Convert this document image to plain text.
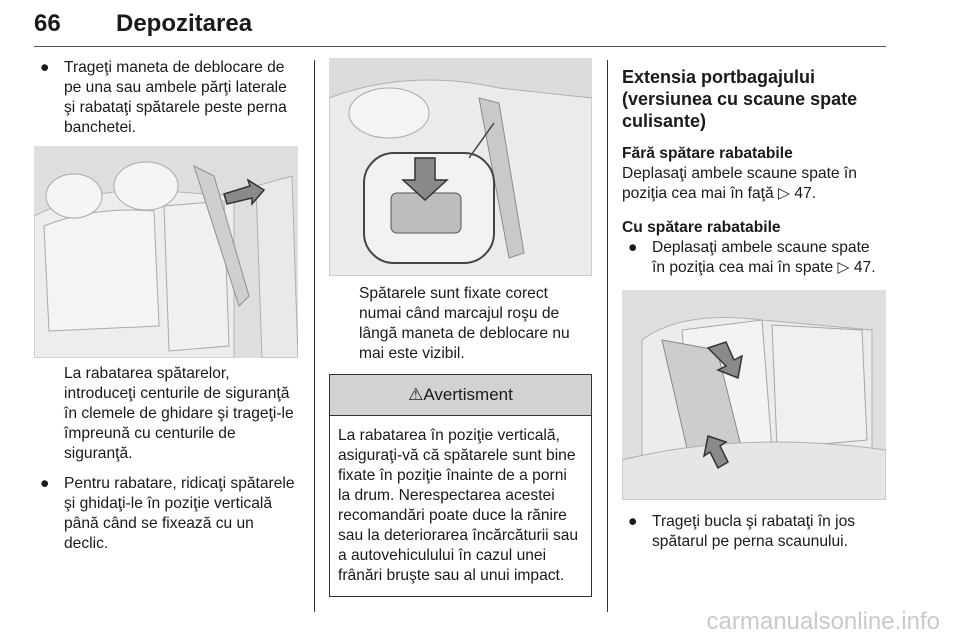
66 Depozitarea
● Trageţi maneta de deblocare de pe una sau ambele părţi laterale şi rabataţi spătarele peste perna banchetei.
La rabatarea spătarelor, introduceţi centurile de siguranţă în clemele de ghidare şi trageţi-le împreună cu centurile de siguranţă.
● Pentru rabatare, ridicaţi spătarele şi ghidaţi-le în poziţie verticală până când se fixează cu un declic.
Spătarele sunt fixate corect numai când marcajul roşu de lângă maneta de deblocare nu mai este vizibil.
⚠Avertisment
La rabatarea în poziţie verticală, asiguraţi-vă că spătarele sunt bine fixate în poziţie înainte de a porni la drum. Nerespectarea acestei recomandări poate duce la rănire sau la deteriorarea încărcăturii sau a autovehiculului în cazul unei frânări bruşte sau al unui impact.
Extensia portbagajului (versiunea cu scaune spate culisante)
Fără spătare rabatabile
Deplasaţi ambele scaune spate în poziţia cea mai în faţă ▷ 47.
Cu spătare rabatabile
● Deplasaţi ambele scaune spate în poziţia cea mai în spate ▷ 47.
● Trageţi bucla şi rabataţi în jos spătarul pe perna scaunului.
carmanualsonline.info
